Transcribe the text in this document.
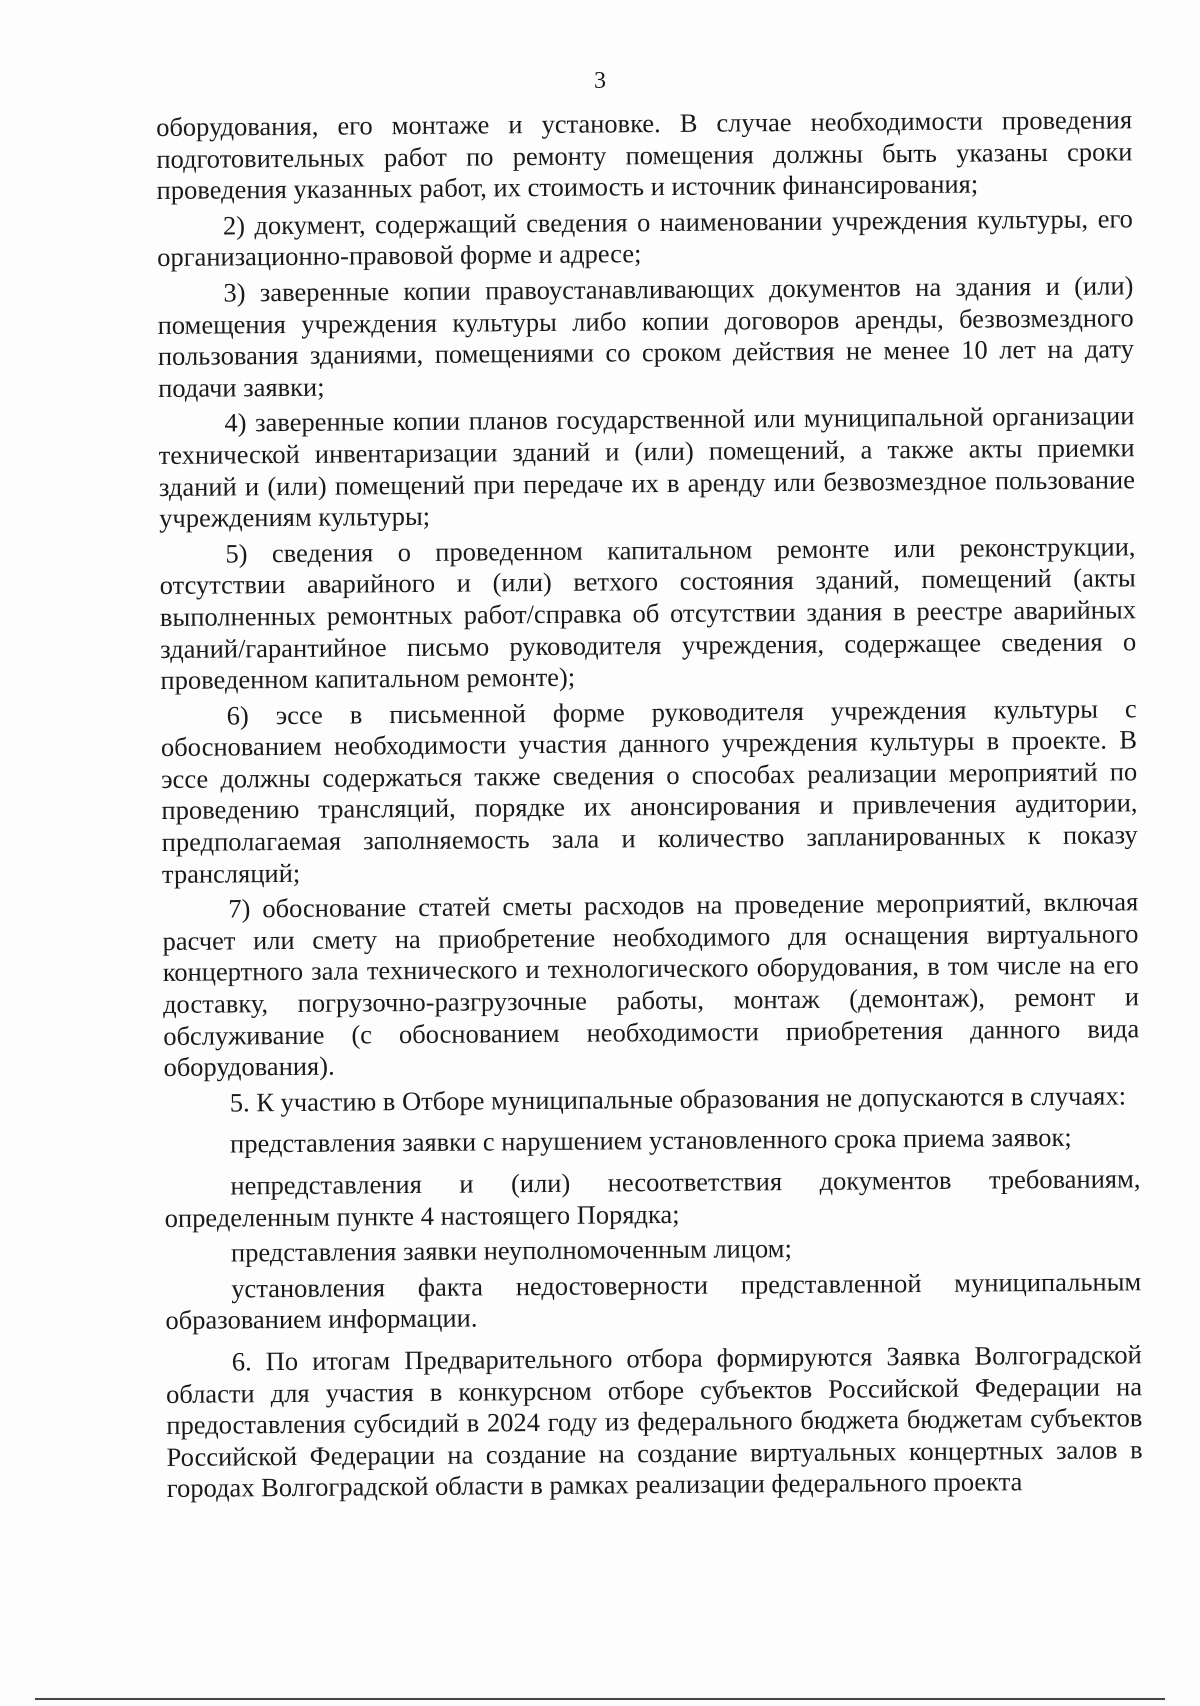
3

оборудования, его монтаже и установке. В случае необходимости проведения подготовительных работ по ремонту помещения должны быть указаны сроки проведения указанных работ, их стоимость и источник финансирования;

2) документ, содержащий сведения о наименовании учреждения культуры, его организационно-правовой форме и адресе;

3) заверенные копии правоустанавливающих документов на здания и (или) помещения учреждения культуры либо копии договоров аренды, безвозмездного пользования зданиями, помещениями со сроком действия не менее 10 лет на дату подачи заявки;

4) заверенные копии планов государственной или муниципальной организации технической инвентаризации зданий и (или) помещений, а также акты приемки зданий и (или) помещений при передаче их в аренду или безвозмездное пользование учреждениям культуры;

5) сведения о проведенном капитальном ремонте или реконструкции, отсутствии аварийного и (или) ветхого состояния зданий, помещений (акты выполненных ремонтных работ/справка об отсутствии здания в реестре аварийных зданий/гарантийное письмо руководителя учреждения, содержащее сведения о проведенном капитальном ремонте);

6) эссе в письменной форме руководителя учреждения культуры с обоснованием необходимости участия данного учреждения культуры в проекте. В эссе должны содержаться также сведения о способах реализации мероприятий по проведению трансляций, порядке их анонсирования и привлечения аудитории, предполагаемая заполняемость зала и количество запланированных к показу трансляций;

7) обоснование статей сметы расходов на проведение мероприятий, включая расчет или смету на приобретение необходимого для оснащения виртуального концертного зала технического и технологического оборудования, в том числе на его доставку, погрузочно-разгрузочные работы, монтаж (демонтаж), ремонт и обслуживание (с обоснованием необходимости приобретения данного вида оборудования).

5. К участию в Отборе муниципальные образования не допускаются в случаях:

представления заявки с нарушением установленного срока приема заявок;

непредставления и (или) несоответствия документов требованиям, определенным пункте 4 настоящего Порядка;

представления заявки неуполномоченным лицом;

установления факта недостоверности представленной муниципальным образованием информации.

6. По итогам Предварительного отбора формируются Заявка Волгоградской области для участия в конкурсном отборе субъектов Российской Федерации на предоставления субсидий в 2024 году из федерального бюджета бюджетам субъектов Российской Федерации на создание на создание виртуальных концертных залов в городах Волгоградской области в рамках реализации федерального проекта
